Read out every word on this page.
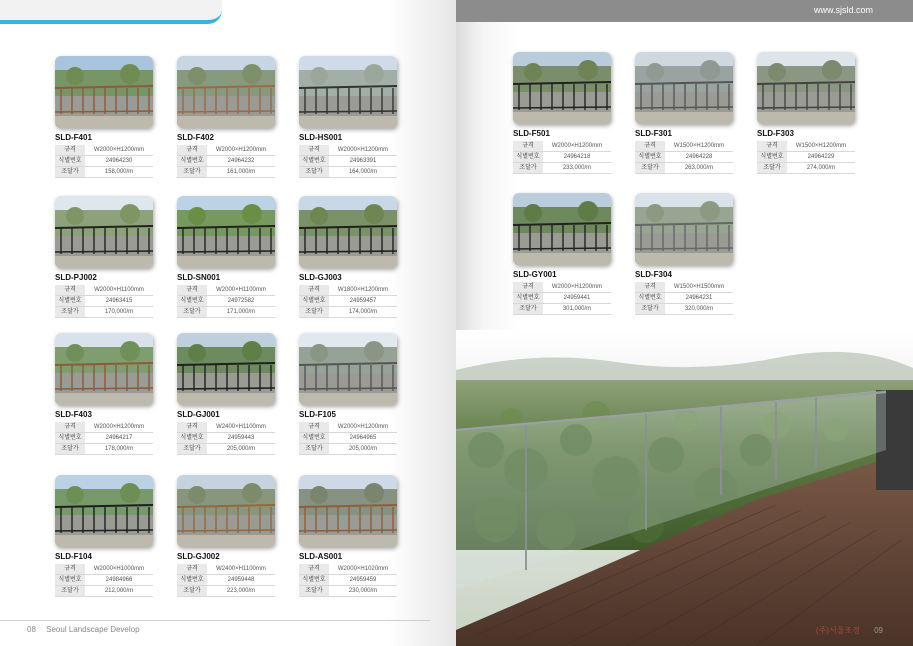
SLD-F401
규격	W2000×H1200mm
식별번호	24964230
조달가	158,000/m
SLD-F402
규격	W2000×H1200mm
식별번호	24964232
조달가	161,000/m
SLD-HS001
규격	W2000×H1200mm
식별번호	24963391
조달가	164,000/m
SLD-PJ002
규격	W2000×H1100mm
식별번호	24963415
조달가	170,000/m
SLD-SN001
규격	W2000×H1100mm
식별번호	24972582
조달가	171,000/m
SLD-GJ003
규격	W1800×H1200mm
식별번호	24959457
조달가	174,000/m
SLD-F403
규격	W2000×H1200mm
식별번호	24964217
조달가	178,000/m
SLD-GJ001
규격	W2400×H1100mm
식별번호	24959443
조달가	205,000/m
SLD-F105
규격	W2000×H1200mm
식별번호	24964965
조달가	205,000/m
SLD-F104
규격	W2000×H1000mm
식별번호	24984966
조달가	212,000/m
SLD-GJ002
규격	W2400×H1100mm
식별번호	24959448
조달가	223,000/m
SLD-AS001
규격	W2000×H1020mm
식별번호	24959459
조달가	230,000/m
08 Seoul Landscape Develop
www.sjsld.com
SLD-F501
규격	W2000×H1200mm
식별번호	24964218
조달가	233,000/m
SLD-F301
규격	W1500×H1200mm
식별번호	24964228
조달가	263,000/m
SLD-F303
규격	W1500×H1200mm
식별번호	24964229
조달가	274,000/m
SLD-GY001
규격	W2000×H1200mm
식별번호	24959441
조달가	301,000/m
SLD-F304
규격	W1500×H1500mm
식별번호	24964231
조달가	320,000/m
(주)서울조경 09
